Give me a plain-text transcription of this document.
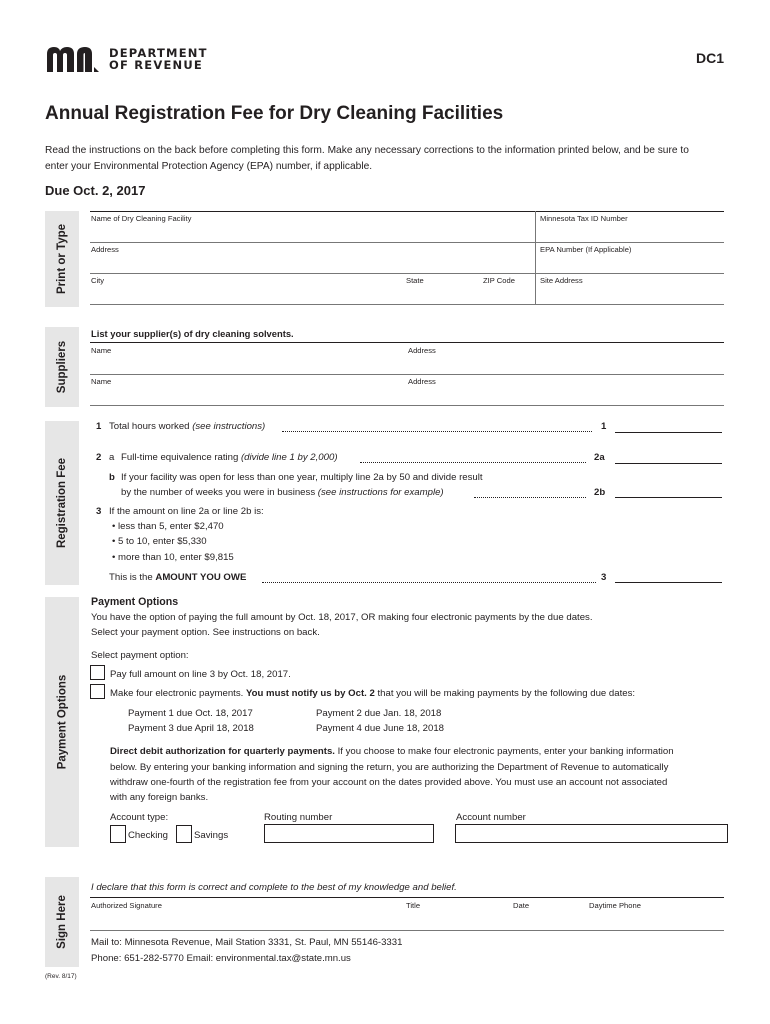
DEPARTMENT
OF REVENUE	DC1
Annual Registration Fee for Dry Cleaning Facilities
Read the instructions on the back before completing this form. Make any necessary corrections to the information printed below, and be sure to
enter your Environmental Protection Agency (EPA) number, if applicable.
Due Oct. 2, 2017
Print or Type
Name of Dry Cleaning Facility	Minnesota Tax ID Number
Address	EPA Number (If Applicable)
City	State	ZIP Code	Site Address
Suppliers
List your supplier(s) of dry cleaning solvents.
Name	Address
Name	Address
Registration Fee
1 Total hours worked (see instructions)	1
2 a Full-time equivalence rating (divide line 1 by 2,000)	2a
b If your facility was open for less than one year, multiply line 2a by 50 and divide result
by the number of weeks you were in business (see instructions for example)	2b
3 If the amount on line 2a or line 2b is:
• less than 5, enter $2,470
• 5 to 10, enter $5,330
• more than 10, enter $9,815
This is the AMOUNT YOU OWE	3
Payment Options
Payment Options
You have the option of paying the full amount by Oct. 18, 2017, OR making four electronic payments by the due dates.
Select your payment option. See instructions on back.
Select payment option:
Pay full amount on line 3 by Oct. 18, 2017.
Make four electronic payments. You must notify us by Oct. 2 that you will be making payments by the following due dates:
Payment 1 due Oct. 18, 2017	Payment 2 due Jan. 18, 2018
Payment 3 due April 18, 2018	Payment 4 due June 18, 2018
Direct debit authorization for quarterly payments. If you choose to make four electronic payments, enter your banking information
below. By entering your banking information and signing the return, you are authorizing the Department of Revenue to automatically
withdraw one-fourth of the registration fee from your account on the dates provided above. You must use an account not associated
with any foreign banks.
Account type:
Checking	Savings
Routing number	Account number
Sign Here
I declare that this form is correct and complete to the best of my knowledge and belief.
Authorized Signature	Title	Date	Daytime Phone
Mail to: Minnesota Revenue, Mail Station 3331, St. Paul, MN 55146-3331
Phone: 651-282-5770 Email: environmental.tax@state.mn.us
(Rev. 8/17)
